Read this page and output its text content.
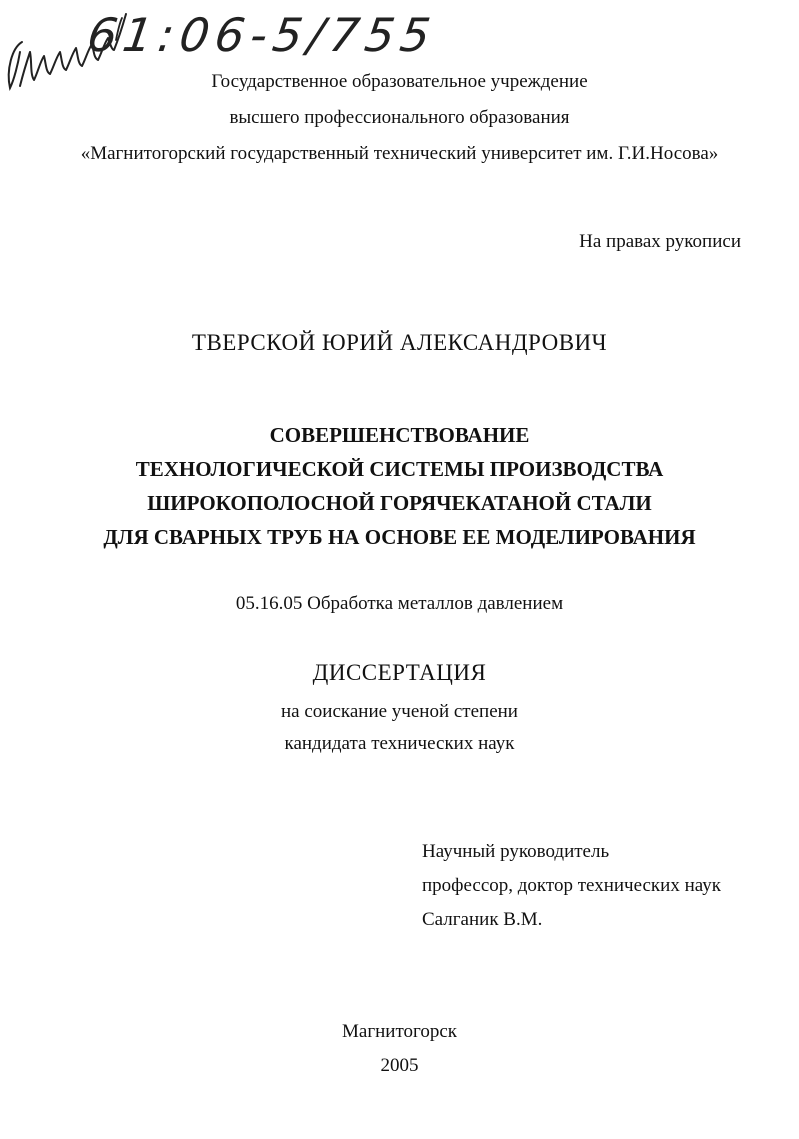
61:06-5/755
Государственное образовательное учреждение
высшего профессионального образования
«Магнитогорский государственный технический университет им. Г.И.Носова»
На правах рукописи
ТВЕРСКОЙ ЮРИЙ АЛЕКСАНДРОВИЧ
СОВЕРШЕНСТВОВАНИЕ
ТЕХНОЛОГИЧЕСКОЙ СИСТЕМЫ ПРОИЗВОДСТВА
ШИРОКОПОЛОСНОЙ ГОРЯЧЕКАТАНОЙ СТАЛИ
ДЛЯ СВАРНЫХ ТРУБ НА ОСНОВЕ ЕЕ МОДЕЛИРОВАНИЯ
05.16.05 Обработка металлов давлением
ДИССЕРТАЦИЯ
на соискание ученой степени
кандидата технических наук
Научный руководитель
профессор, доктор технических наук
Салганик В.М.
Магнитогорск
2005
